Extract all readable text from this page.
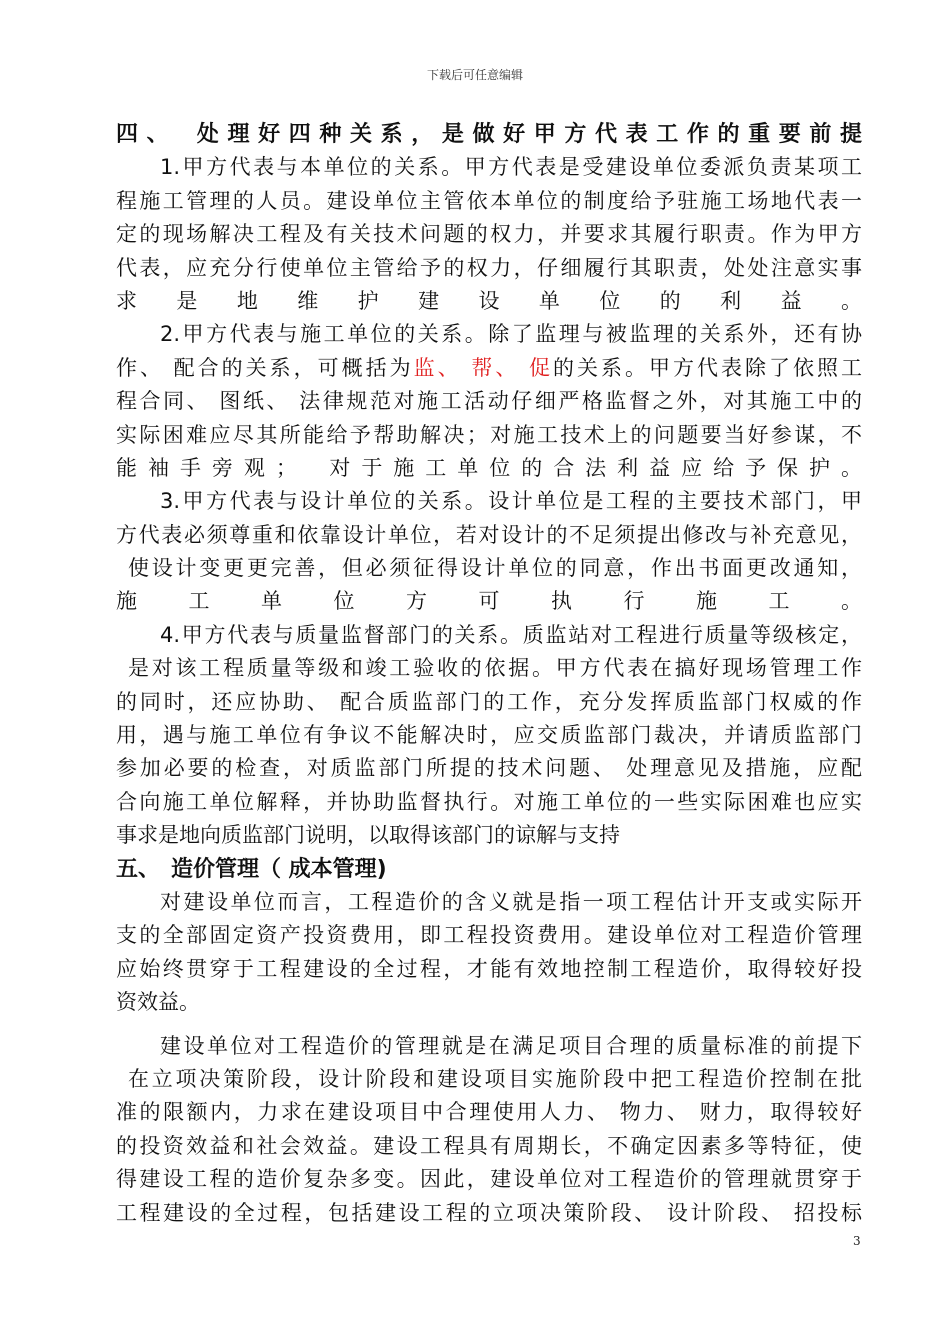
下载后可任意编辑
四、　处理好四种关系，是做好甲方代表工作的重要前提
1.甲方代表与本单位的关系。甲方代表是受建设单位委派负责某项工
程施工管理的人员。建设单位主管依本单位的制度给予驻施工场地代表一
定的现场解决工程及有关技术问题的权力，并要求其履行职责。作为甲方
代表，应充分行使单位主管给予的权力，仔细履行其职责，处处注意实事
求是地维护建设单位的利益。
2.甲方代表与施工单位的关系。除了监理与被监理的关系外，还有协
作、 配合的关系，可概括为监、 帮、 促的关系。甲方代表除了依照工
程合同、 图纸、 法律规范对施工活动仔细严格监督之外，对其施工中的
实际困难应尽其所能给予帮助解决；对施工技术上的问题要当好参谋，不
能袖手旁观；　对于施工单位的合法利益应给予保护。
3.甲方代表与设计单位的关系。设计单位是工程的主要技术部门，甲
方代表必须尊重和依靠设计单位，若对设计的不足须提出修改与补充意见，
使设计变更更完善，但必须征得设计单位的同意，作出书面更改通知，
施工单位方可执行施工。
4.甲方代表与质量监督部门的关系。质监站对工程进行质量等级核定，
是对该工程质量等级和竣工验收的依据。甲方代表在搞好现场管理工作
的同时，还应协助、 配合质监部门的工作，充分发挥质监部门权威的作
用，遇与施工单位有争议不能解决时，应交质监部门裁决，并请质监部门
参加必要的检查，对质监部门所提的技术问题、 处理意见及措施，应配
合向施工单位解释，并协助监督执行。对施工单位的一些实际困难也应实
事求是地向质监部门说明，以取得该部门的谅解与支持
五、　造价管理（ 成本管理)
对建设单位而言，工程造价的含义就是指一项工程估计开支或实际开
支的全部固定资产投资费用，即工程投资费用。建设单位对工程造价管理
应始终贯穿于工程建设的全过程，才能有效地控制工程造价，取得较好投
资效益。
建设单位对工程造价的管理就是在满足项目合理的质量标准的前提下
在立项决策阶段，设计阶段和建设项目实施阶段中把工程造价控制在批
准的限额内，力求在建设项目中合理使用人力、 物力、 财力，取得较好
的投资效益和社会效益。建设工程具有周期长，不确定因素多等特征，使
得建设工程的造价复杂多变。因此，建设单位对工程造价的管理就贯穿于
工程建设的全过程，包括建设工程的立项决策阶段、 设计阶段、 招投标
3
